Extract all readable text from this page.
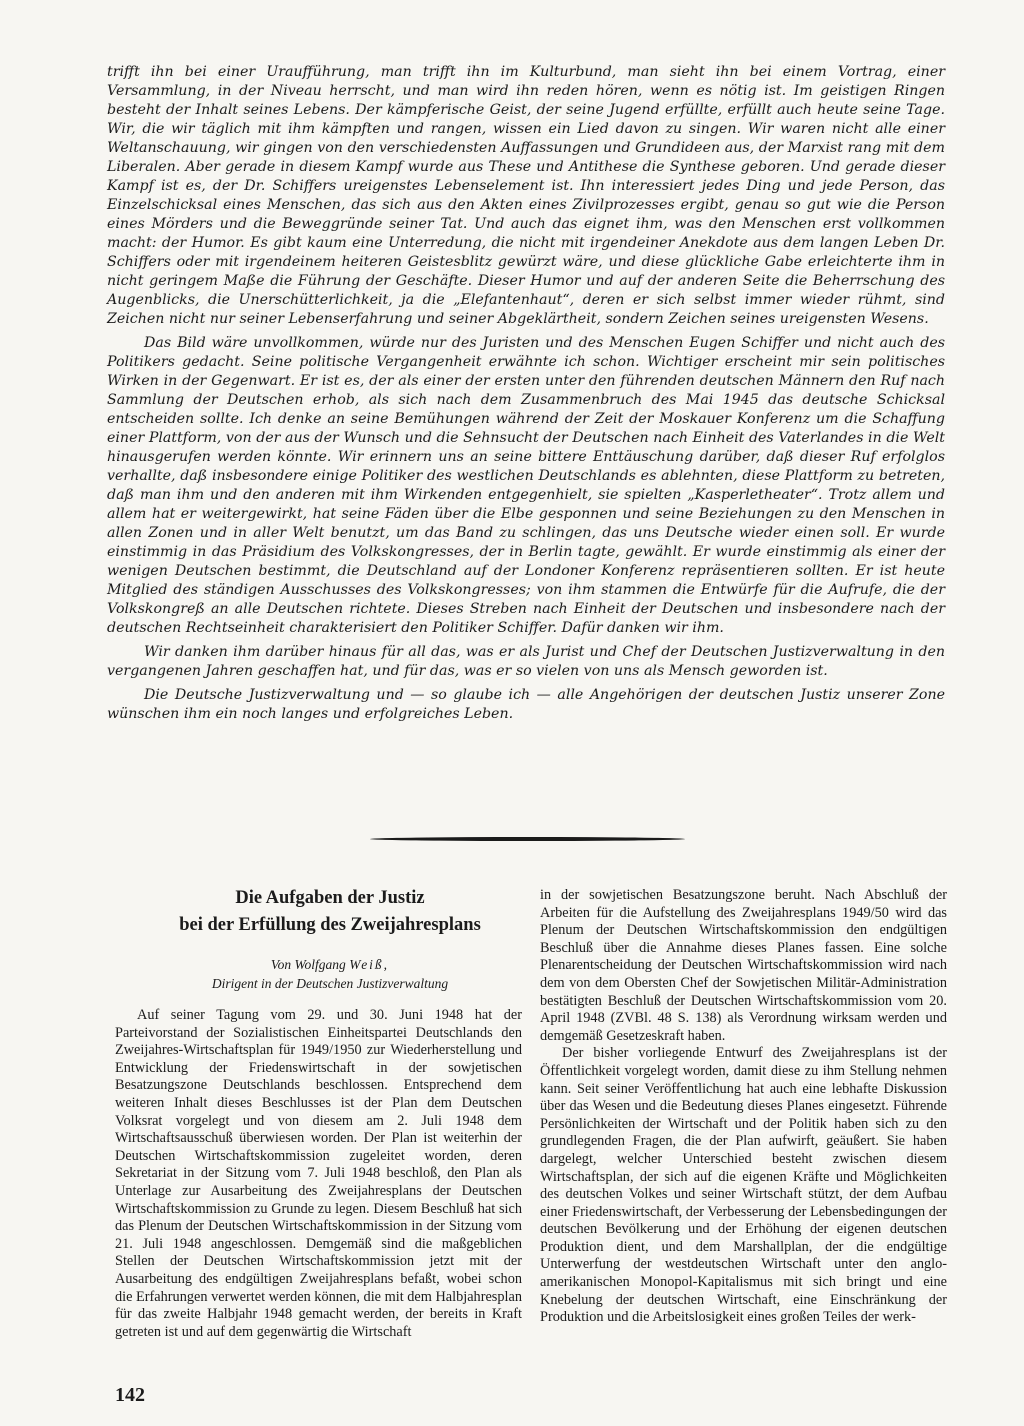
trifft ihn bei einer Uraufführung, man trifft ihn im Kulturbund, man sieht ihn bei einem Vortrag, einer Versammlung, in der Niveau herrscht, und man wird ihn reden hören, wenn es nötig ist. Im geistigen Ringen besteht der Inhalt seines Lebens. Der kämpferische Geist, der seine Jugend erfüllte, erfüllt auch heute seine Tage. Wir, die wir täglich mit ihm kämpften und rangen, wissen ein Lied davon zu singen. Wir waren nicht alle einer Weltanschauung, wir gingen von den verschiedensten Auffassungen und Grundideen aus, der Marxist rang mit dem Liberalen. Aber gerade in diesem Kampf wurde aus These und Antithese die Synthese geboren. Und gerade dieser Kampf ist es, der Dr. Schiffers ureigenstes Lebenselement ist. Ihn interessiert jedes Ding und jede Person, das Einzelschicksal eines Menschen, das sich aus den Akten eines Zivilprozesses ergibt, genau so gut wie die Person eines Mörders und die Beweggründe seiner Tat. Und auch das eignet ihm, was den Menschen erst vollkommen macht: der Humor. Es gibt kaum eine Unterredung, die nicht mit irgendeiner Anekdote aus dem langen Leben Dr. Schiffers oder mit irgendeinem heiteren Geistesblitz gewürzt wäre, und diese glückliche Gabe erleichterte ihm in nicht geringem Maße die Führung der Geschäfte. Dieser Humor und auf der anderen Seite die Beherrschung des Augenblicks, die Unerschütterlichkeit, ja die „Elefantenhaut“, deren er sich selbst immer wieder rühmt, sind Zeichen nicht nur seiner Lebenserfahrung und seiner Abgeklärtheit, sondern Zeichen seines ureigensten Wesens.

Das Bild wäre unvollkommen, würde nur des Juristen und des Menschen Eugen Schiffer und nicht auch des Politikers gedacht. Seine politische Vergangenheit erwähnte ich schon. Wichtiger erscheint mir sein politisches Wirken in der Gegenwart. Er ist es, der als einer der ersten unter den führenden deutschen Männern den Ruf nach Sammlung der Deutschen erhob, als sich nach dem Zusammenbruch des Mai 1945 das deutsche Schicksal entscheiden sollte. Ich denke an seine Bemühungen während der Zeit der Moskauer Konferenz um die Schaffung einer Plattform, von der aus der Wunsch und die Sehnsucht der Deutschen nach Einheit des Vaterlandes in die Welt hinausgerufen werden könnte. Wir erinnern uns an seine bittere Enttäuschung darüber, daß dieser Ruf erfolglos verhallte, daß insbesondere einige Politiker des westlichen Deutschlands es ablehnten, diese Plattform zu betreten, daß man ihm und den anderen mit ihm Wirkenden entgegenhielt, sie spielten „Kasperletheater“. Trotz allem und allem hat er weitergewirkt, hat seine Fäden über die Elbe gesponnen und seine Beziehungen zu den Menschen in allen Zonen und in aller Welt benutzt, um das Band zu schlingen, das uns Deutsche wieder einen soll. Er wurde einstimmig in das Präsidium des Volkskongresses, der in Berlin tagte, gewählt. Er wurde einstimmig als einer der wenigen Deutschen bestimmt, die Deutschland auf der Londoner Konferenz repräsentieren sollten. Er ist heute Mitglied des ständigen Ausschusses des Volkskongresses; von ihm stammen die Entwürfe für die Aufrufe, die der Volkskongreß an alle Deutschen richtete. Dieses Streben nach Einheit der Deutschen und insbesondere nach der deutschen Rechtseinheit charakterisiert den Politiker Schiffer. Dafür danken wir ihm.

Wir danken ihm darüber hinaus für all das, was er als Jurist und Chef der Deutschen Justizverwaltung in den vergangenen Jahren geschaffen hat, und für das, was er so vielen von uns als Mensch geworden ist.

Die Deutsche Justizverwaltung und — so glaube ich — alle Angehörigen der deutschen Justiz unserer Zone wünschen ihm ein noch langes und erfolgreiches Leben.

Die Aufgaben der Justiz
bei der Erfüllung des Zweijahresplans
Von Wolfgang Weiß,
Dirigent in der Deutschen Justizverwaltung

Auf seiner Tagung vom 29. und 30. Juni 1948 hat der Parteivorstand der Sozialistischen Einheitspartei Deutschlands den Zweijahres-Wirtschaftsplan für 1949/1950 zur Wiederherstellung und Entwicklung der Friedenswirtschaft in der sowjetischen Besatzungszone Deutschlands beschlossen. Entsprechend dem weiteren Inhalt dieses Beschlusses ist der Plan dem Deutschen Volksrat vorgelegt und von diesem am 2. Juli 1948 dem Wirtschaftsausschuß überwiesen worden. Der Plan ist weiterhin der Deutschen Wirtschaftskommission zugeleitet worden, deren Sekretariat in der Sitzung vom 7. Juli 1948 beschloß, den Plan als Unterlage zur Ausarbeitung des Zweijahresplans der Deutschen Wirtschaftskommission zu Grunde zu legen. Diesem Beschluß hat sich das Plenum der Deutschen Wirtschaftskommission in der Sitzung vom 21. Juli 1948 angeschlossen. Demgemäß sind die maßgeblichen Stellen der Deutschen Wirtschaftskommission jetzt mit der Ausarbeitung des endgültigen Zweijahresplans befaßt, wobei schon die Erfahrungen verwertet werden können, die mit dem Halbjahresplan für das zweite Halbjahr 1948 gemacht werden, der bereits in Kraft getreten ist und auf dem gegenwärtig die Wirtschaft

in der sowjetischen Besatzungszone beruht. Nach Abschluß der Arbeiten für die Aufstellung des Zweijahresplans 1949/50 wird das Plenum der Deutschen Wirtschaftskommission den endgültigen Beschluß über die Annahme dieses Planes fassen. Eine solche Plenarentscheidung der Deutschen Wirtschaftskommission wird nach dem von dem Obersten Chef der Sowjetischen Militär-Administration bestätigten Beschluß der Deutschen Wirtschaftskommission vom 20. April 1948 (ZVBl. 48 S. 138) als Verordnung wirksam werden und demgemäß Gesetzeskraft haben.

Der bisher vorliegende Entwurf des Zweijahresplans ist der Öffentlichkeit vorgelegt worden, damit diese zu ihm Stellung nehmen kann. Seit seiner Veröffentlichung hat auch eine lebhafte Diskussion über das Wesen und die Bedeutung dieses Planes eingesetzt. Führende Persönlichkeiten der Wirtschaft und der Politik haben sich zu den grundlegenden Fragen, die der Plan aufwirft, geäußert. Sie haben dargelegt, welcher Unterschied besteht zwischen diesem Wirtschaftsplan, der sich auf die eigenen Kräfte und Möglichkeiten des deutschen Volkes und seiner Wirtschaft stützt, der dem Aufbau einer Friedenswirtschaft, der Verbesserung der Lebensbedingungen der deutschen Bevölkerung und der Erhöhung der eigenen deutschen Produktion dient, und dem Marshallplan, der die endgültige Unterwerfung der westdeutschen Wirtschaft unter den anglo-amerikanischen Monopol-Kapitalismus mit sich bringt und eine Knebelung der deutschen Wirtschaft, eine Einschränkung der Produktion und die Arbeitslosigkeit eines großen Teiles der werk-

142
